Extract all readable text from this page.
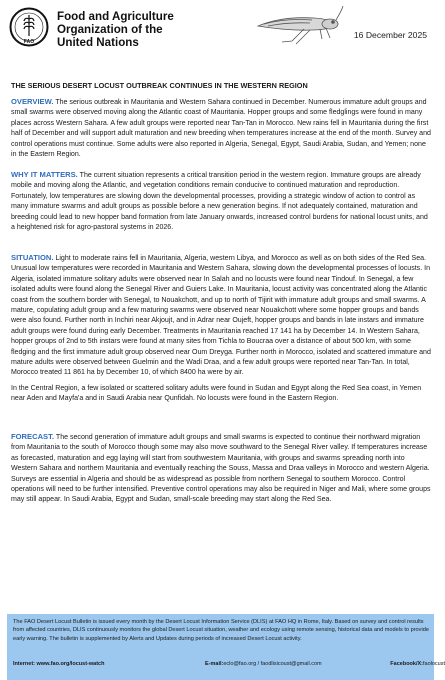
FAO
Food and Agriculture
Organization of the
United Nations
16 December 2025
THE SERIOUS DESERT LOCUST OUTBREAK CONTINUES IN THE WESTERN REGION

OVERVIEW. The serious outbreak in Mauritania and Western Sahara continued in December. Numerous immature adult groups and small swarms were observed moving along the Atlantic coast of Mauritania. Hopper groups and some fledglings were found in many places across Western Sahara. A few adult groups were reported near Tan-Tan in Morocco. New rains fell in Mauritania during the first half of December and will support adult maturation and new breeding when temperatures increase at the end of the month. Survey and control operations must continue. Some adults were also reported in Algeria, Senegal, Egypt, Saudi Arabia, Sudan, and Yemen; none in the Eastern Region.

WHY IT MATTERS. The current situation represents a critical transition period in the western region. Immature groups are already mobile and moving along the Atlantic, and vegetation conditions remain conducive to continued maturation and reproduction. Fortunately, low temperatures are slowing down the developmental processes, providing a strategic window of action to control as many immature swarms and adult groups as possible before a new generation begins. If not adequately contained, maturation and breeding could lead to new hopper band formation from late January onwards, increased control burdens for national locust units, and a heightened risk for agro-pastoral systems in 2026.

SITUATION. Light to moderate rains fell in Mauritania, Algeria, western Libya, and Morocco as well as on both sides of the Red Sea. Unusual low temperatures were recorded in Mauritania and Western Sahara, slowing down the developmental processes of locusts. In Algeria, isolated immature solitary adults were observed near In Salah and no locusts were found near Tindouf. In Senegal, a few isolated adults were found along the Senegal River and Guiers Lake. In Mauritania, locust activity was concentrated along the Atlantic coast from the southern border with Senegal, to Nouakchott, and up to north of Tijirit with immature adult groups and small swarms. A mature, copulating adult group and a few maturing swarms were observed near Nouakchott where some hopper groups and bands were also found. Further north in Inchiri near Akjoujt, and in Adrar near Oujeft, hopper groups and bands in late instars and immature adult groups were found during early December. Treatments in Mauritania reached 17 141 ha by December 14. In Western Sahara, hopper groups of 2nd to 5th instars were found at many sites from Tichla to Boucraa over a distance of about 500 km, with some fledging and the first immature adult group observed near Oum Dreyga. Further north in Morocco, isolated and scattered immature and mature adults were observed between Guelmin and the Wadi Draa, and a few adult groups were reported near Tan-Tan. In total, Morocco treated 11 861 ha by December 10, of which 8400 ha were by air.

In the Central Region, a few isolated or scattered solitary adults were found in Sudan and Egypt along the Red Sea coast, in Yemen near Aden and Mayfa'a and in Saudi Arabia near Qunfidah. No locusts were found in the Eastern Region.

FORECAST. The second generation of immature adult groups and small swarms is expected to continue their northward migration from Mauritania to the south of Morocco though some may also move southward to the Senegal River valley. If temperatures increase as forecasted, maturation and egg laying will start from southwestern Mauritania, with groups and swarms spreading north into Western Sahara and northern Mauritania and eventually reaching the Souss, Massa and Draa valleys in Morocco and western Algeria. Surveys are essential in Algeria and should be as widespread as possible from northern Senegal to southern Morocco. Control operations will need to be further intensified. Preventive control operations may also be required in Niger and Mali, where some groups may still appear. In Saudi Arabia, Egypt and Sudan, small-scale breeding may start along the Red Sea.

The FAO Desert Locust Bulletin is issued every month by the Desert Locust Information Service (DLIS) at FAO HQ in Rome, Italy. Based on survey and control results from affected countries, DLIS continuously monitors the global Desert Locust situation, weather and ecology using remote sensing, historical data and models to provide early warning. The bulletin is supplemented by Alerts and Updates during periods of increased Desert Locust activity.
Internet: www.fao.org/locust-watch	E-mail: eclo@fao.org / faodlisicoust@gmail.com	Facebook/X: faolocust
